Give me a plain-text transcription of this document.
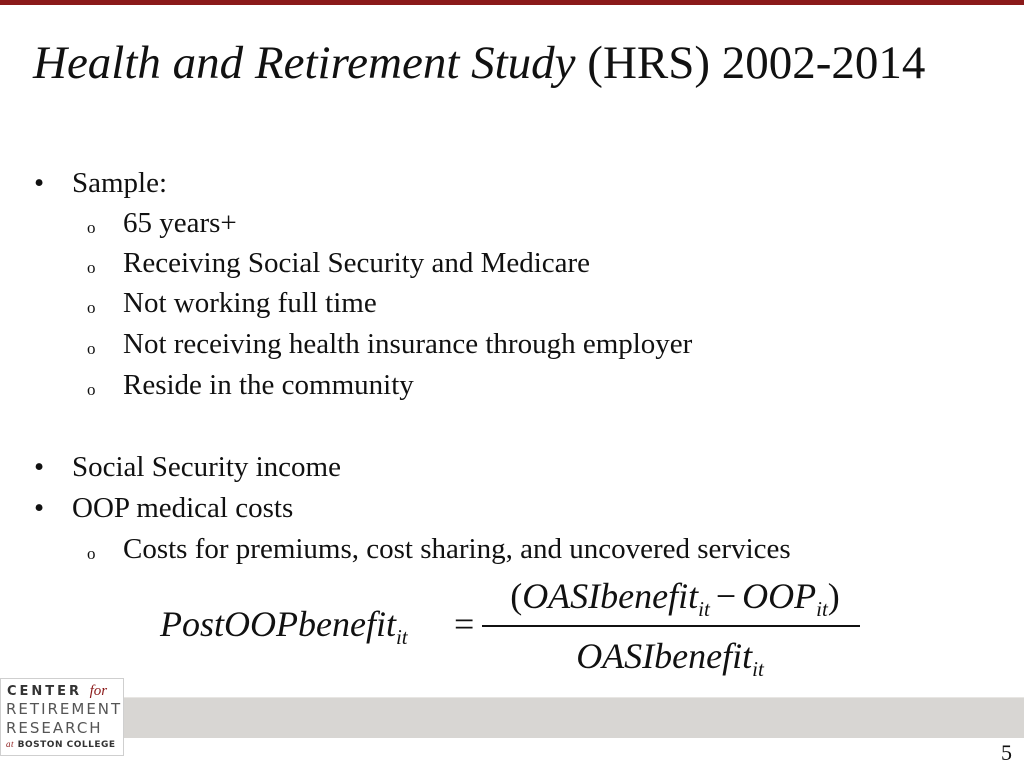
Health and Retirement Study (HRS) 2002-2014
• Sample:
o 65 years+
o Receiving Social Security and Medicare
o Not working full time
o Not receiving health insurance through employer
o Reside in the community
• Social Security income
• OOP medical costs
o Costs for premiums, cost sharing, and uncovered services
PostOOPbenefit$_{it}$ =
(OASIbenefit$_{it}$ − $OOP_{it}$)
OASIbenefit$_{it}$
CENTER for
RETIREMENT
RESEARCH
at BOSTON COLLEGE	5
